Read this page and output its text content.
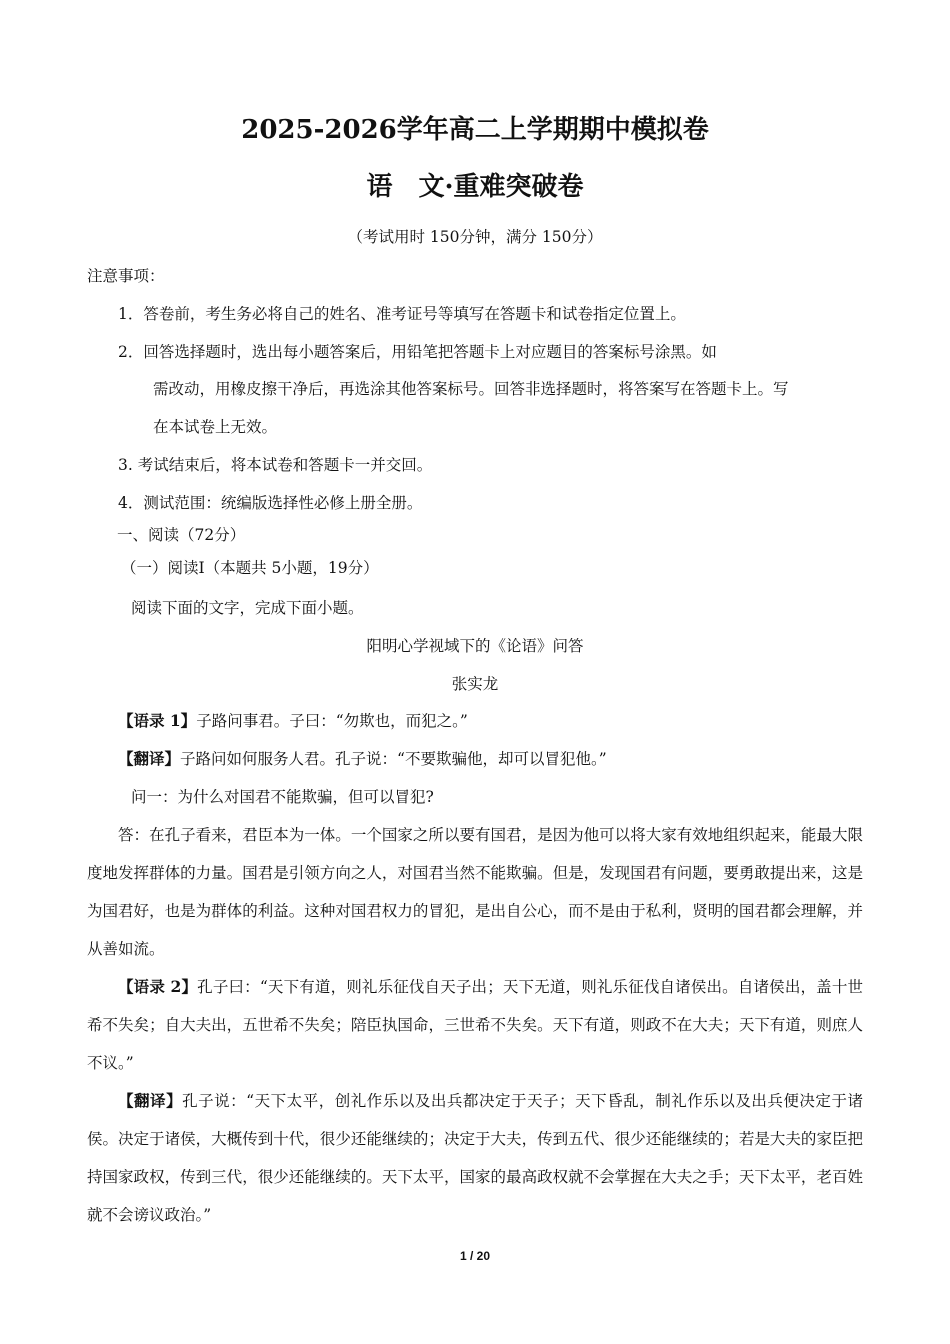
2025-2026学年高二上学期期中模拟卷
语　文·重难突破卷
（考试用时 150分钟，满分 150分）
注意事项：
1．答卷前，考生务必将自己的姓名、准考证号等填写在答题卡和试卷指定位置上。
2．回答选择题时，选出每小题答案后，用铅笔把答题卡上对应题目的答案标号涂黑。如
需改动，用橡皮擦干净后，再选涂其他答案标号。回答非选择题时，将答案写在答题卡上。写
在本试卷上无效。
3. 考试结束后，将本试卷和答题卡一并交回。
4．测试范围：统编版选择性必修上册全册。
一、阅读（72分）
（一）阅读Ⅰ（本题共 5小题，19分）
阅读下面的文字，完成下面小题。
阳明心学视域下的《论语》问答
张实龙
【语录 1】子路问事君。子曰：“勿欺也，而犯之。”
【翻译】子路问如何服务人君。孔子说：“不要欺骗他，却可以冒犯他。”
问一：为什么对国君不能欺骗，但可以冒犯?

答：在孔子看来，君臣本为一体。一个国家之所以要有国君，是因为他可以将大家有效地组织起来，能最大限度地发挥群体的力量。国君是引领方向之人，对国君当然不能欺骗。但是，发现国君有问题，要勇敢提出来，这是为国君好，也是为群体的利益。这种对国君权力的冒犯，是出自公心，而不是由于私利，贤明的国君都会理解，并从善如流。

【语录 2】孔子曰：“天下有道，则礼乐征伐自天子出；天下无道，则礼乐征伐自诸侯出。自诸侯出，盖十世希不失矣；自大夫出，五世希不失矣；陪臣执国命，三世希不失矣。天下有道，则政不在大夫；天下有道，则庶人不议。”

【翻译】孔子说：“天下太平，创礼作乐以及出兵都决定于天子；天下昏乱，制礼作乐以及出兵便决定于诸侯。决定于诸侯，大概传到十代，很少还能继续的；决定于大夫，传到五代、很少还能继续的；若是大夫的家臣把持国家政权，传到三代，很少还能继续的。天下太平，国家的最高政权就不会掌握在大夫之手；天下太平，老百姓就不会谤议政治。”

1 / 20
